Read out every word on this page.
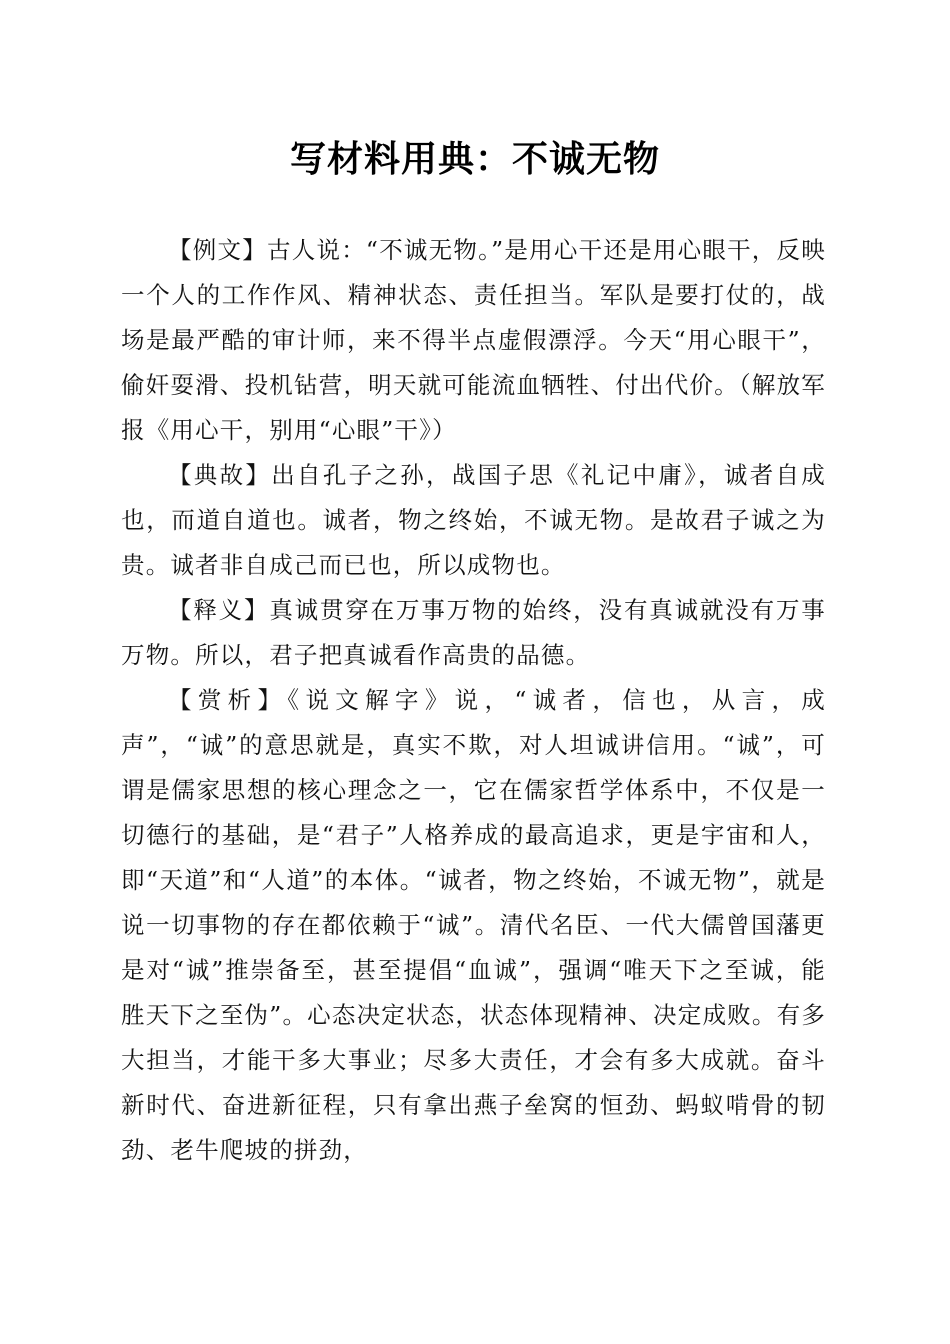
写材料用典：不诚无物

【例文】古人说：“不诚无物。”是用心干还是用心眼干，反映一个人的工作作风、精神状态、责任担当。军队是要打仗的，战场是最严酷的审计师，来不得半点虚假漂浮。今天“用心眼干”，偷奸耍滑、投机钻营，明天就可能流血牺牲、付出代价。（解放军报《用心干，别用“心眼”干》）

【典故】出自孔子之孙，战国子思《礼记中庸》，诚者自成也，而道自道也。诚者，物之终始，不诚无物。是故君子诚之为贵。诚者非自成己而已也，所以成物也。

【释义】真诚贯穿在万事万物的始终，没有真诚就没有万事万物。所以，君子把真诚看作高贵的品德。

【赏析】《说文解字》说，“诚者，信也，从言，成声”，“诚”的意思就是，真实不欺，对人坦诚讲信用。“诚”，可谓是儒家思想的核心理念之一，它在儒家哲学体系中，不仅是一切德行的基础，是“君子”人格养成的最高追求，更是宇宙和人，即“天道”和“人道”的本体。“诚者，物之终始，不诚无物”，就是说一切事物的存在都依赖于“诚”。清代名臣、一代大儒曾国藩更是对“诚”推崇备至，甚至提倡“血诚”，强调“唯天下之至诚，能胜天下之至伪”。心态决定状态，状态体现精神、决定成败。有多大担当，才能干多大事业；尽多大责任，才会有多大成就。奋斗新时代、奋进新征程，只有拿出燕子垒窝的恒劲、蚂蚁啃骨的韧劲、老牛爬坡的拼劲，
